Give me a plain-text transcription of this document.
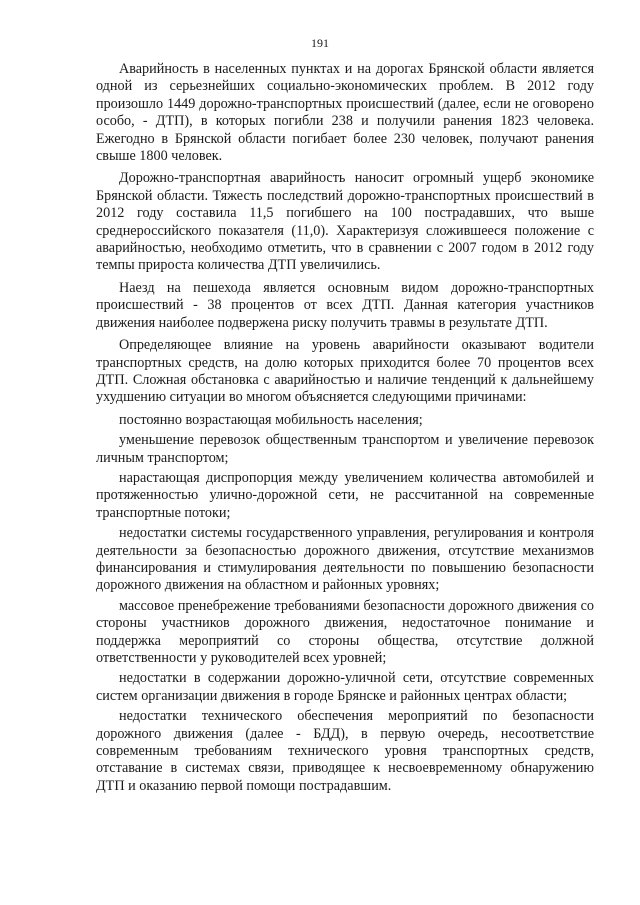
191

Аварийность в населенных пунктах и на дорогах Брянской области является одной из серьезнейших социально-экономических проблем. В 2012 году произошло 1449 дорожно-транспортных происшествий (далее, если не оговорено особо, - ДТП), в которых погибли 238 и получили ранения 1823 человека. Ежегодно в Брянской области погибает более 230 человек, получают ранения свыше 1800 человек.

Дорожно-транспортная аварийность наносит огромный ущерб экономике Брянской области. Тяжесть последствий дорожно-транспортных происшествий в 2012 году составила 11,5 погибшего на 100 пострадавших, что выше среднероссийского показателя (11,0). Характеризуя сложившееся положение с аварийностью, необходимо отметить, что в сравнении с 2007 годом в 2012 году темпы прироста количества ДТП увеличились.

Наезд на пешехода является основным видом дорожно-транспортных происшествий - 38 процентов от всех ДТП. Данная категория участников движения наиболее подвержена риску получить травмы в результате ДТП.

Определяющее влияние на уровень аварийности оказывают водители транспортных средств, на долю которых приходится более 70 процентов всех ДТП. Сложная обстановка с аварийностью и наличие тенденций к дальнейшему ухудшению ситуации во многом объясняется следующими причинами:

постоянно возрастающая мобильность населения;

уменьшение перевозок общественным транспортом и увеличение перевозок личным транспортом;

нарастающая диспропорция между увеличением количества автомобилей и протяженностью улично-дорожной сети, не рассчитанной на современные транспортные потоки;

недостатки системы государственного управления, регулирования и контроля деятельности за безопасностью дорожного движения, отсутствие механизмов финансирования и стимулирования деятельности по повышению безопасности дорожного движения на областном и районных уровнях;

массовое пренебрежение требованиями безопасности дорожного движения со стороны участников дорожного движения, недостаточное понимание и поддержка мероприятий со стороны общества, отсутствие должной ответственности у руководителей всех уровней;

недостатки в содержании дорожно-уличной сети, отсутствие современных систем организации движения в городе Брянске и районных центрах области;

недостатки технического обеспечения мероприятий по безопасности дорожного движения (далее - БДД), в первую очередь, несоответствие современным требованиям технического уровня транспортных средств, отставание в системах связи, приводящее к несвоевременному обнаружению ДТП и оказанию первой помощи пострадавшим.
